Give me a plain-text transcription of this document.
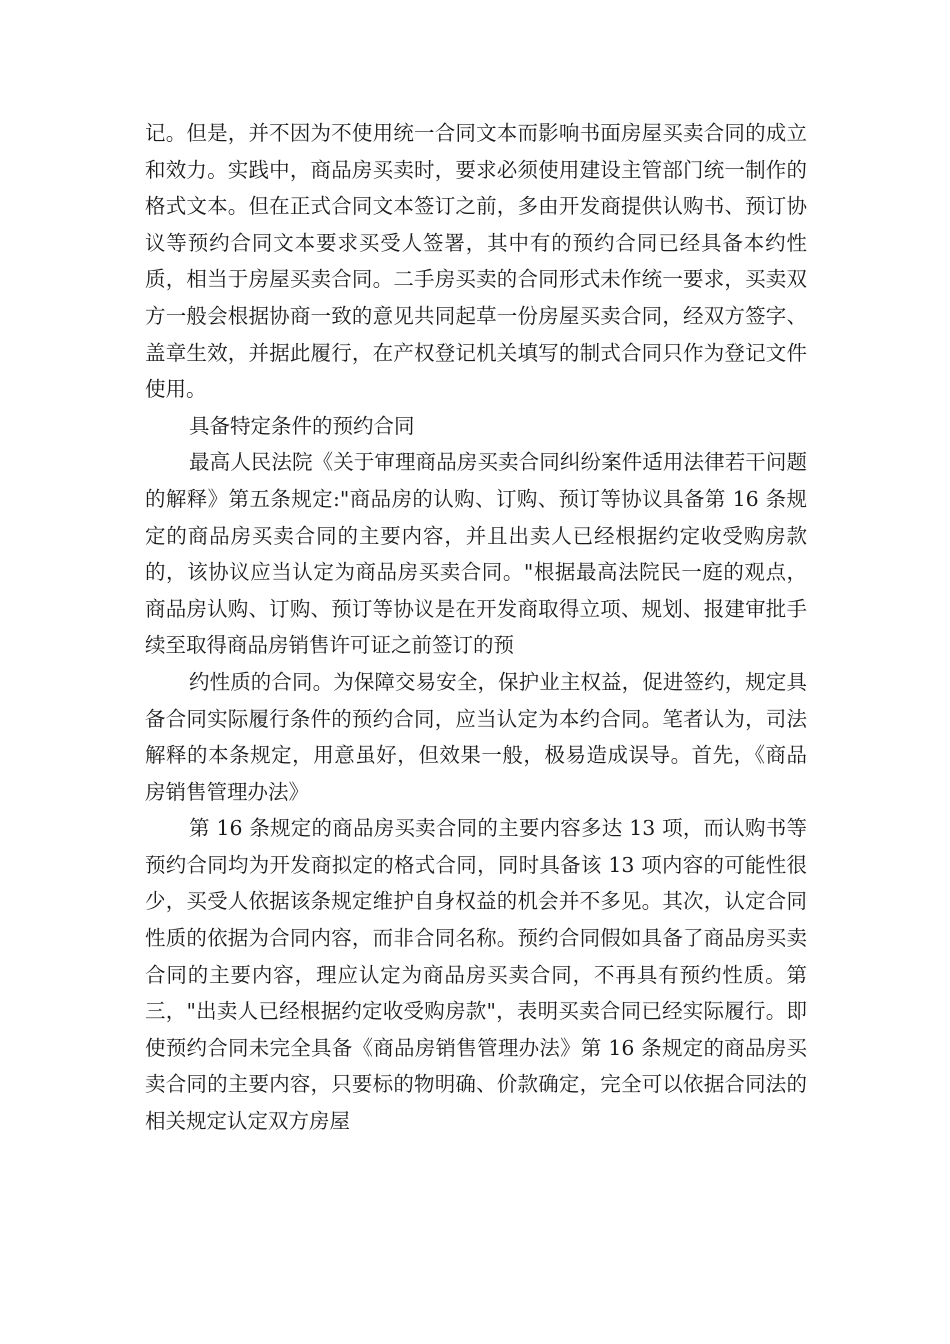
记。但是，并不因为不使用统一合同文本而影响书面房屋买卖合同的成立和效力。实践中，商品房买卖时，要求必须使用建设主管部门统一制作的格式文本。但在正式合同文本签订之前，多由开发商提供认购书、预订协议等预约合同文本要求买受人签署，其中有的预约合同已经具备本约性质，相当于房屋买卖合同。二手房买卖的合同形式未作统一要求，买卖双方一般会根据协商一致的意见共同起草一份房屋买卖合同，经双方签字、盖章生效，并据此履行，在产权登记机关填写的制式合同只作为登记文件使用。

具备特定条件的预约合同

最高人民法院《关于审理商品房买卖合同纠纷案件适用法律若干问题的解释》第五条规定:"商品房的认购、订购、预订等协议具备第 16 条规定的商品房买卖合同的主要内容，并且出卖人已经根据约定收受购房款的，该协议应当认定为商品房买卖合同。"根据最高法院民一庭的观点，商品房认购、订购、预订等协议是在开发商取得立项、规划、报建审批手续至取得商品房销售许可证之前签订的预

约性质的合同。为保障交易安全，保护业主权益，促进签约，规定具备合同实际履行条件的预约合同，应当认定为本约合同。笔者认为，司法解释的本条规定，用意虽好，但效果一般，极易造成误导。首先，《商品房销售管理办法》

第 16 条规定的商品房买卖合同的主要内容多达 13 项，而认购书等预约合同均为开发商拟定的格式合同，同时具备该 13 项内容的可能性很少，买受人依据该条规定维护自身权益的机会并不多见。其次，认定合同性质的依据为合同内容，而非合同名称。预约合同假如具备了商品房买卖合同的主要内容，理应认定为商品房买卖合同，不再具有预约性质。第三，"出卖人已经根据约定收受购房款"，表明买卖合同已经实际履行。即使预约合同未完全具备《商品房销售管理办法》第 16 条规定的商品房买卖合同的主要内容，只要标的物明确、价款确定，完全可以依据合同法的相关规定认定双方房屋
